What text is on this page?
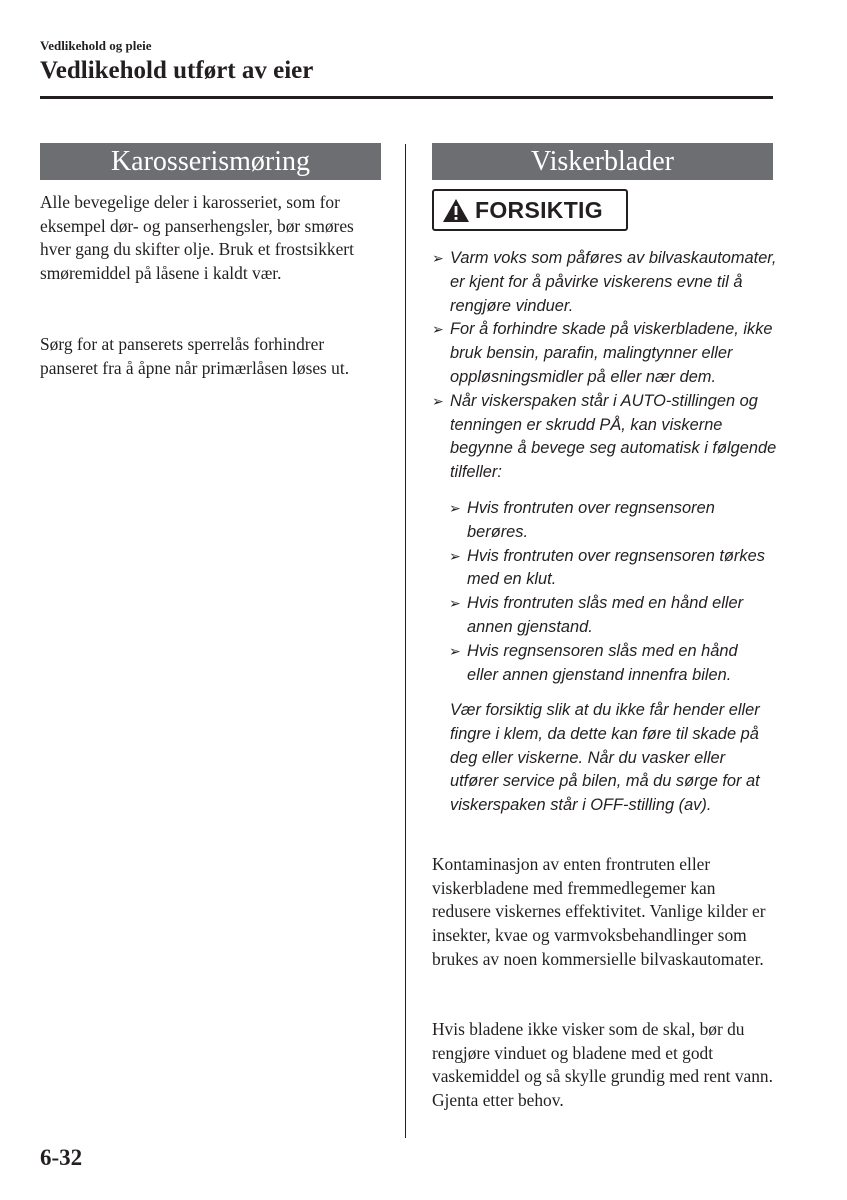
Vedlikehold og pleie
Vedlikehold utført av eier
Karosserismøring

Alle bevegelige deler i karosseriet, som for eksempel dør- og panserhengsler, bør smøres hver gang du skifter olje. Bruk et frostsikkert smøremiddel på låsene i kaldt vær.

Sørg for at panserets sperrelås forhindrer panseret fra å åpne når primærlåsen løses ut.

Viskerblader
FORSIKTIG
➢ Varm voks som påføres av bilvaskautomater, er kjent for å påvirke viskerens evne til å rengjøre vinduer.
➢ For å forhindre skade på viskerbladene, ikke bruk bensin, parafin, malingtynner eller oppløsningsmidler på eller nær dem.
➢ Når viskerspaken står i AUTO-stillingen og tenningen er skrudd PÅ, kan viskerne begynne å bevege seg automatisk i følgende tilfeller:
➢ Hvis frontruten over regnsensoren berøres.
➢ Hvis frontruten over regnsensoren tørkes med en klut.
➢ Hvis frontruten slås med en hånd eller annen gjenstand.
➢ Hvis regnsensoren slås med en hånd eller annen gjenstand innenfra bilen.

Vær forsiktig slik at du ikke får hender eller fingre i klem, da dette kan føre til skade på deg eller viskerne. Når du vasker eller utfører service på bilen, må du sørge for at viskerspaken står i OFF-stilling (av).

Kontaminasjon av enten frontruten eller viskerbladene med fremmedlegemer kan redusere viskernes effektivitet. Vanlige kilder er insekter, kvae og varmvoksbehandlinger som brukes av noen kommersielle bilvaskautomater.

Hvis bladene ikke visker som de skal, bør du rengjøre vinduet og bladene med et godt vaskemiddel og så skylle grundig med rent vann. Gjenta etter behov.

6-32
